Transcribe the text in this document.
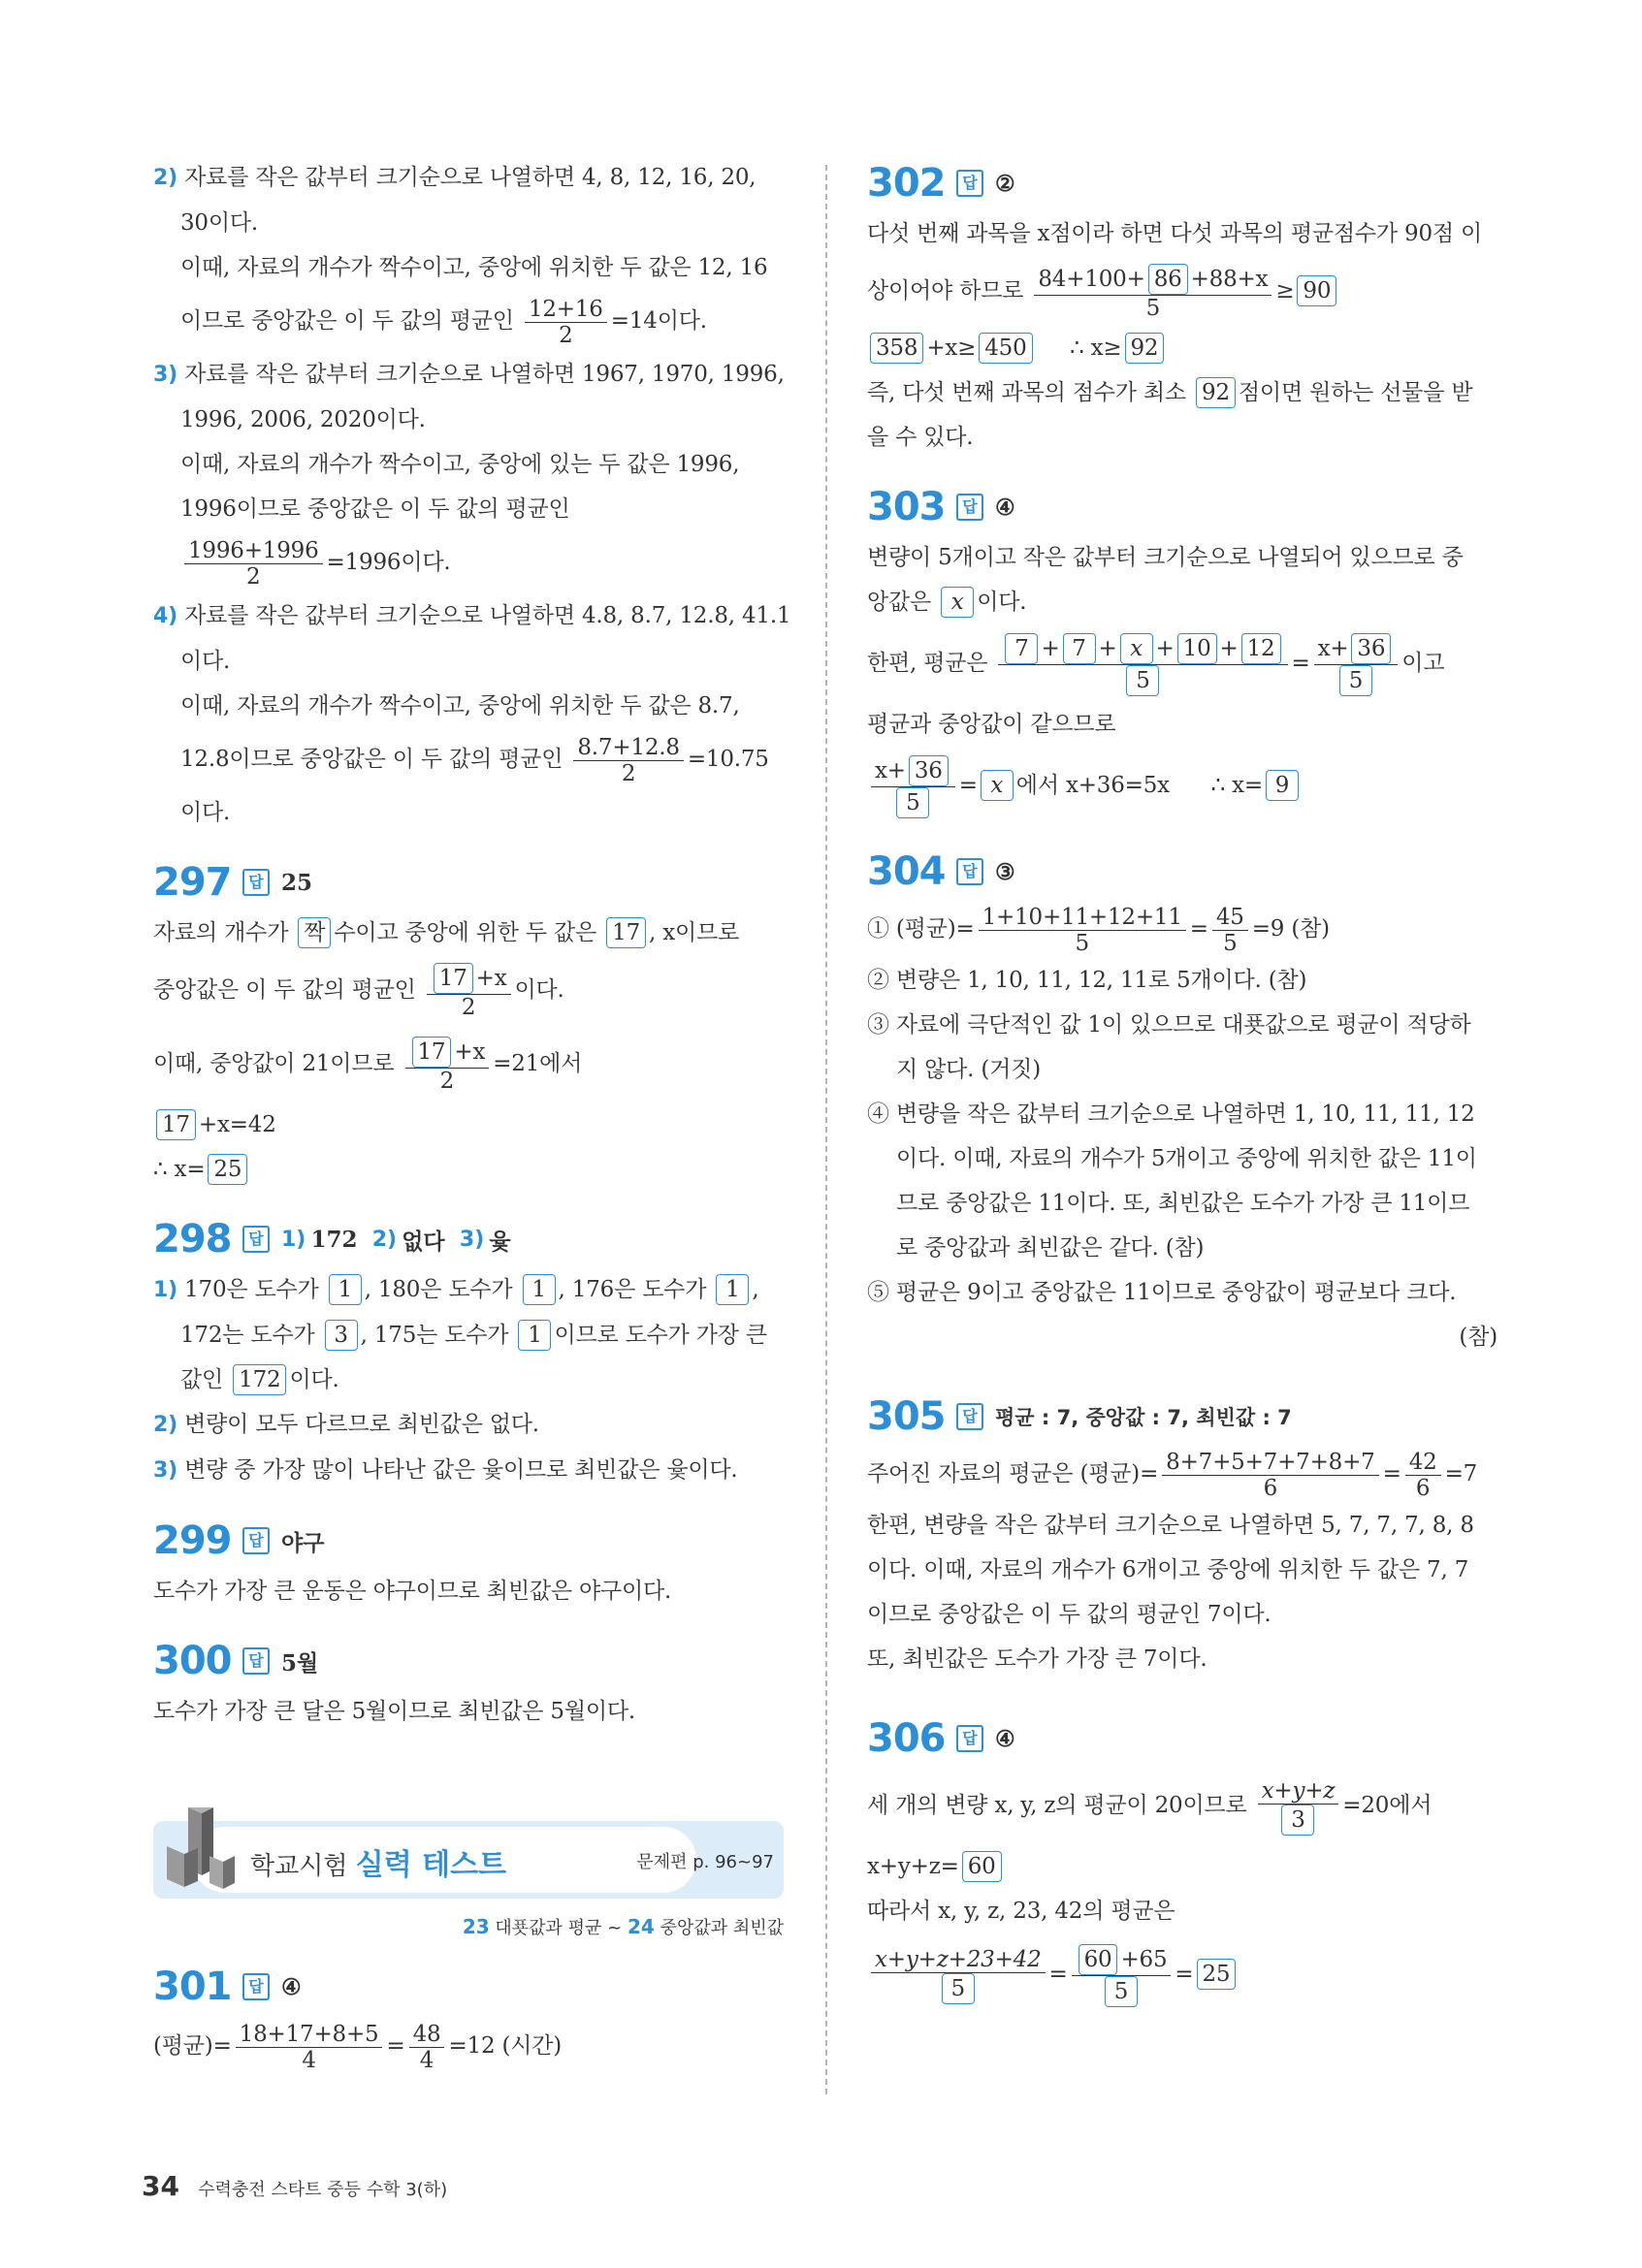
2) 자료를 작은 값부터 크기순으로 나열하면 4, 8, 12, 16, 20,
30이다.
이때, 자료의 개수가 짝수이고, 중앙에 위치한 두 값은 12, 16
이므로 중앙값은 이 두 값의 평균인 $\frac{12+16}{2} =14$이다.
3) 자료를 작은 값부터 크기순으로 나열하면 1967, 1970, 1996,
1996, 2006, 2020이다.
이때, 자료의 개수가 짝수이고, 중앙에 있는 두 값은 1996,
1996이므로 중앙값은 이 두 값의 평균인
$\frac{1996+1996}{2} =1996$이다.
4) 자료를 작은 값부터 크기순으로 나열하면 4.8, 8.7, 12.8, 41.1
이다.
이때, 자료의 개수가 짝수이고, 중앙에 위치한 두 값은 8.7,
12.8이므로 중앙값은 이 두 값의 평균인 $\frac{8.7+12.8}{2} =10.75$
이다.
297	답 25
자료의 개수가 짝 수이고 중앙에 위한 두 값은 17 , x이므로
중앙값은 이 두 값의 평균인 $\frac{17 +x}{2}$ 이다.
이때, 중앙값이 21이므로 $\frac{17 +x}{2} =21$에서
17 +x=42
∴ x= 25
298	답 1)
172
2)
없다
3)
윷
1) 170은 도수가 1 , 180은 도수가 1 , 176은 도수가 1 ,
172는 도수가 3 , 175는 도수가 1 이므로 도수가 가장 큰
값인 172 이다.
2) 변량이 모두 다르므로 최빈값은 없다.
3) 변량 중 가장 많이 나타난 값은 윷이므로 최빈값은 윷이다.
299	답 야구
도수가 가장 큰 운동은 야구이므로 최빈값은 야구이다.
300	답 5월
도수가 가장 큰 달은 5월이므로 최빈값은 5월이다.
학교시험 실력 테스트	문제편 p. 96~97
23 대푯값과 평균 ~ 24 중앙값과 최빈값
301	답 ④
(평균)= $\frac{18+17+8+5}{4} = \frac{48}{4} =12$ (시간)
302	답 ②
다섯 번째 과목을 x점이라 하면 다섯 과목의 평균점수가 90점 이
상이어야 하므로 $\frac{84+100+ 86 +88+x}{5} \ge 90$
358 +x≥ 450 ∴ x≥ 92
즉, 다섯 번째 과목의 점수가 최소 92 점이면 원하는 선물을 받
을 수 있다.
303	답 ④
변량이 5개이고 작은 값부터 크기순으로 나열되어 있으므로 중
앙값은 x 이다.
한편, 평균은 $\frac{7 + 7 + x + 10 + 12}{5} = \frac{x+ 36}{5}$ 이고
평균과 중앙값이 같으므로
$\frac{x+ 36}{5} = x$ 에서 x+36=5x ∴ x= 9
304	답 ③
① (평균)= $\frac{1+10+11+12+11}{5} = \frac{45}{5} =9$ (참)
② 변량은 1, 10, 11, 12, 11로 5개이다. (참)
③ 자료에 극단적인 값 1이 있으므로 대푯값으로 평균이 적당하
지 않다. (거짓)
④ 변량을 작은 값부터 크기순으로 나열하면 1, 10, 11, 11, 12
이다. 이때, 자료의 개수가 5개이고 중앙에 위치한 값은 11이
므로 중앙값은 11이다. 또, 최빈값은 도수가 가장 큰 11이므
로 중앙값과 최빈값은 같다. (참)
⑤ 평균은 9이고 중앙값은 11이므로 중앙값이 평균보다 크다.
(참)
305	답 평균 : 7, 중앙값 : 7, 최빈값 : 7
주어진 자료의 평균은 (평균)= $\frac{8+7+5+7+7+8+7}{6} = \frac{42}{6} =7$
한편, 변량을 작은 값부터 크기순으로 나열하면 5, 7, 7, 7, 8, 8
이다. 이때, 자료의 개수가 6개이고 중앙에 위치한 두 값은 7, 7
이므로 중앙값은 이 두 값의 평균인 7이다.
또, 최빈값은 도수가 가장 큰 7이다.
306	답 ④
세 개의 변량 x, y, z의 평균이 20이므로 $\frac{x+y+z}{3} =20$에서
x+y+z= 60
따라서 x, y, z, 23, 42의 평균은
$\frac{x+y+z+23+42}{5} = \frac{60 +65}{5} = 25$
34 수력충전 스타트 중등 수학 3(하)
